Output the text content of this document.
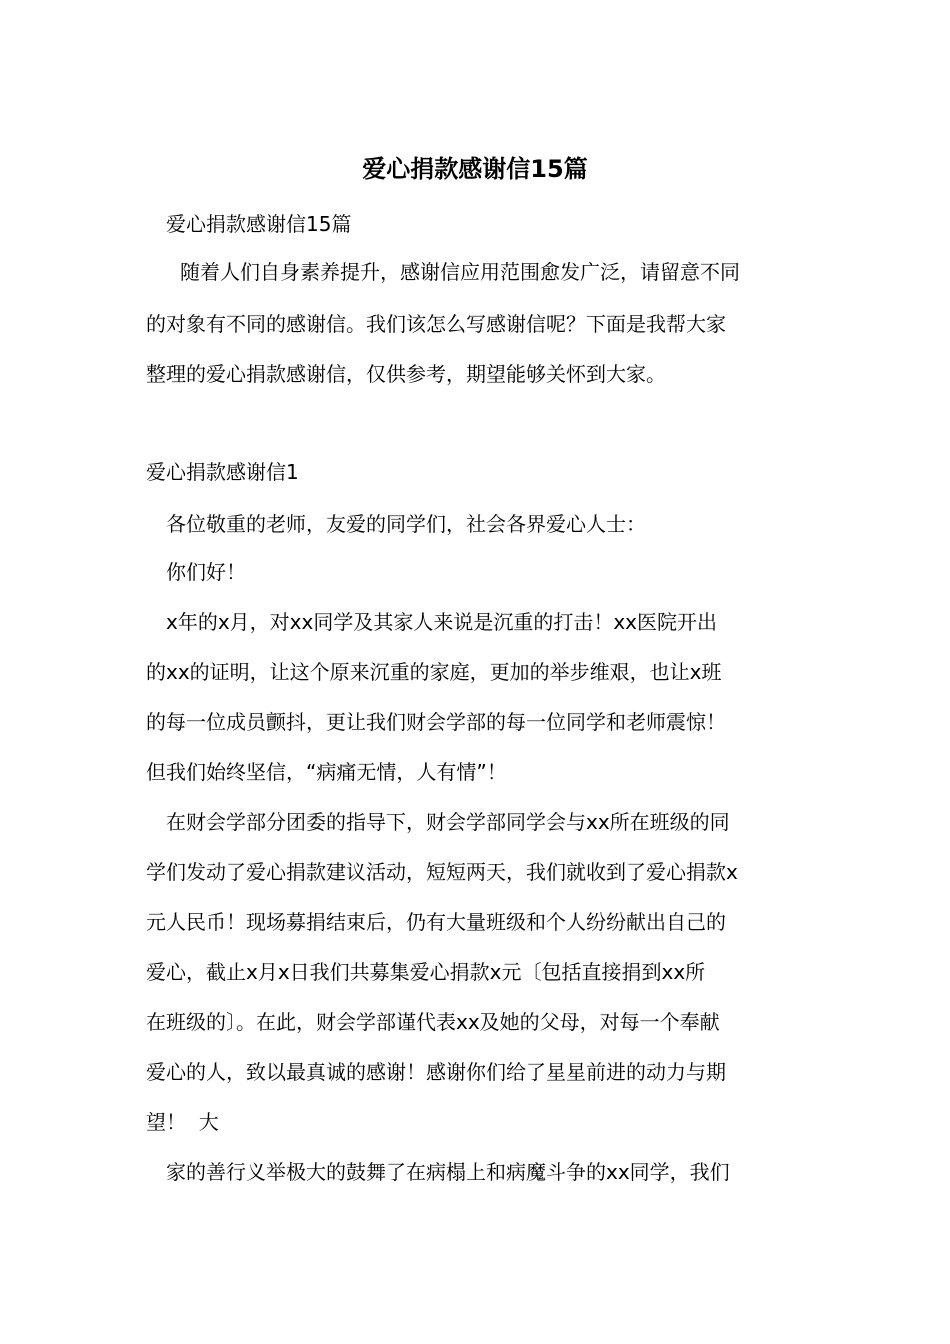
爱心捐款感谢信15篇
爱心捐款感谢信15篇
随着人们自身素养提升，感谢信应用范围愈发广泛，请留意不同
的对象有不同的感谢信。我们该怎么写感谢信呢？下面是我帮大家
整理的爱心捐款感谢信，仅供参考，期望能够关怀到大家。
爱心捐款感谢信1
各位敬重的老师，友爱的同学们，社会各界爱心人士：
你们好！
x年的x月，对xx同学及其家人来说是沉重的打击！xx医院开出
的xx的证明，让这个原来沉重的家庭，更加的举步维艰，也让x班
的每一位成员颤抖，更让我们财会学部的每一位同学和老师震惊！
但我们始终坚信，“病痛无情，人有情”！
在财会学部分团委的指导下，财会学部同学会与xx所在班级的同
学们发动了爱心捐款建议活动，短短两天，我们就收到了爱心捐款x
元人民币！现场募捐结束后，仍有大量班级和个人纷纷献出自己的
爱心，截止x月x日我们共募集爱心捐款x元〔包括直接捐到xx所
在班级的〕。在此，财会学部谨代表xx及她的父母，对每一个奉献
爱心的人，致以最真诚的感谢！感谢你们给了星星前进的动力与期
望！  大
家的善行义举极大的鼓舞了在病榻上和病魔斗争的xx同学，我们
